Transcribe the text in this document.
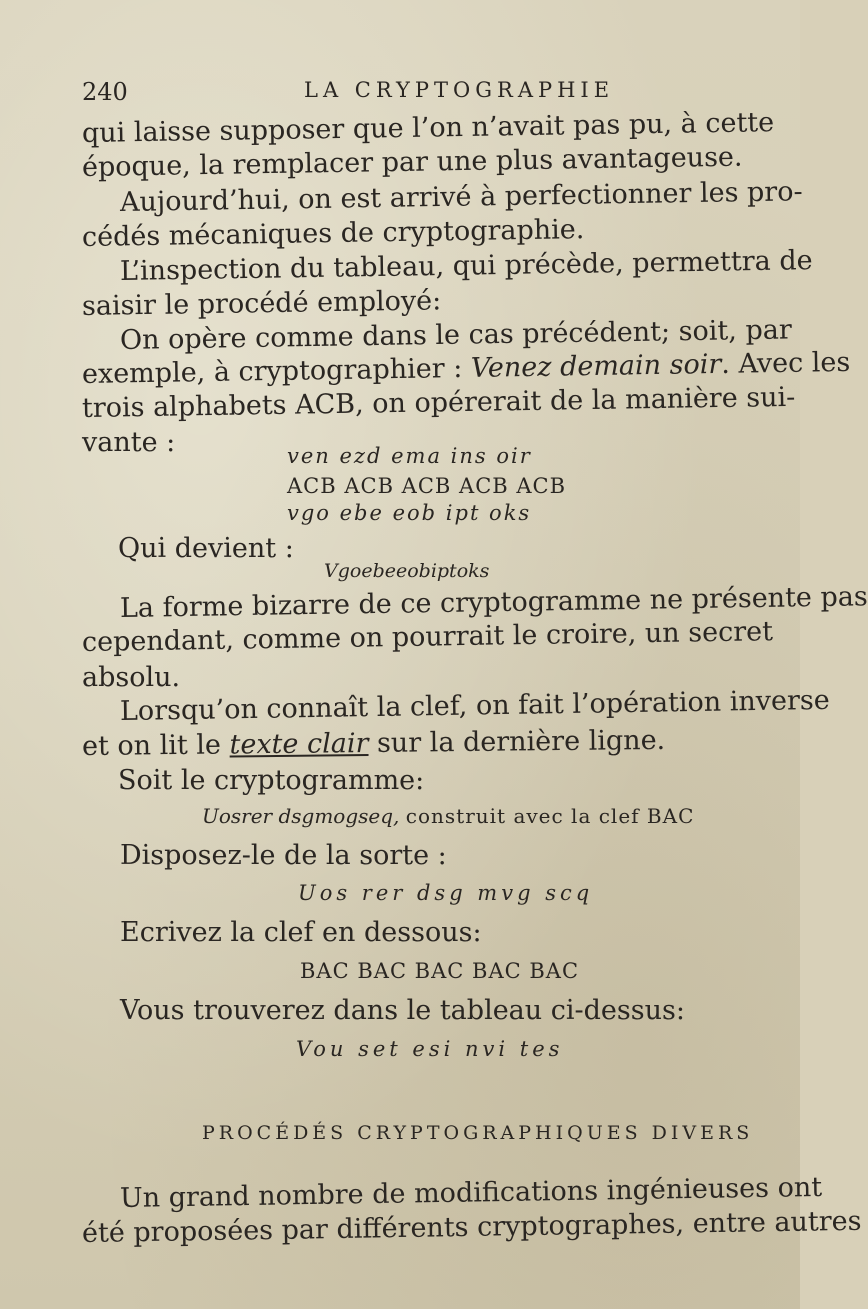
240	LA CRYPTOGRAPHIE
qui laisse supposer que l’on n’avait pas pu, à cette
époque, la remplacer par une plus avantageuse.
Aujourd’hui, on est arrivé à perfectionner les pro-
cédés mécaniques de cryptographie.
L’inspection du tableau, qui précède, permettra de
saisir le procédé employé:
On opère comme dans le cas précédent; soit, par
exemple, à cryptographier : Venez demain soir. Avec les
trois alphabets ACB, on opérerait de la manière sui-
vante :	ven ezd ema ins oir
ACB ACB ACB ACB ACB
vgo ebe eob ipt oks
Qui devient :
Vgoebeeobiptoks
La forme bizarre de ce cryptogramme ne présente pas
cependant, comme on pourrait le croire, un secret
absolu.
Lorsqu’on connaît la clef, on fait l’opération inverse
et on lit le texte clair sur la dernière ligne.
Soit le cryptogramme:
Uosrer dsgmogseq, construit avec la clef BAC
Disposez-le de la sorte :
Uos rer dsg mvg scq
Ecrivez la clef en dessous:
BAC BAC BAC BAC BAC
Vous trouverez dans le tableau ci-dessus:
Vou set esi nvi tes
PROCÉDÉS CRYPTOGRAPHIQUES DIVERS
Un grand nombre de modifications ingénieuses ont
été proposées par différents cryptographes, entre autres
